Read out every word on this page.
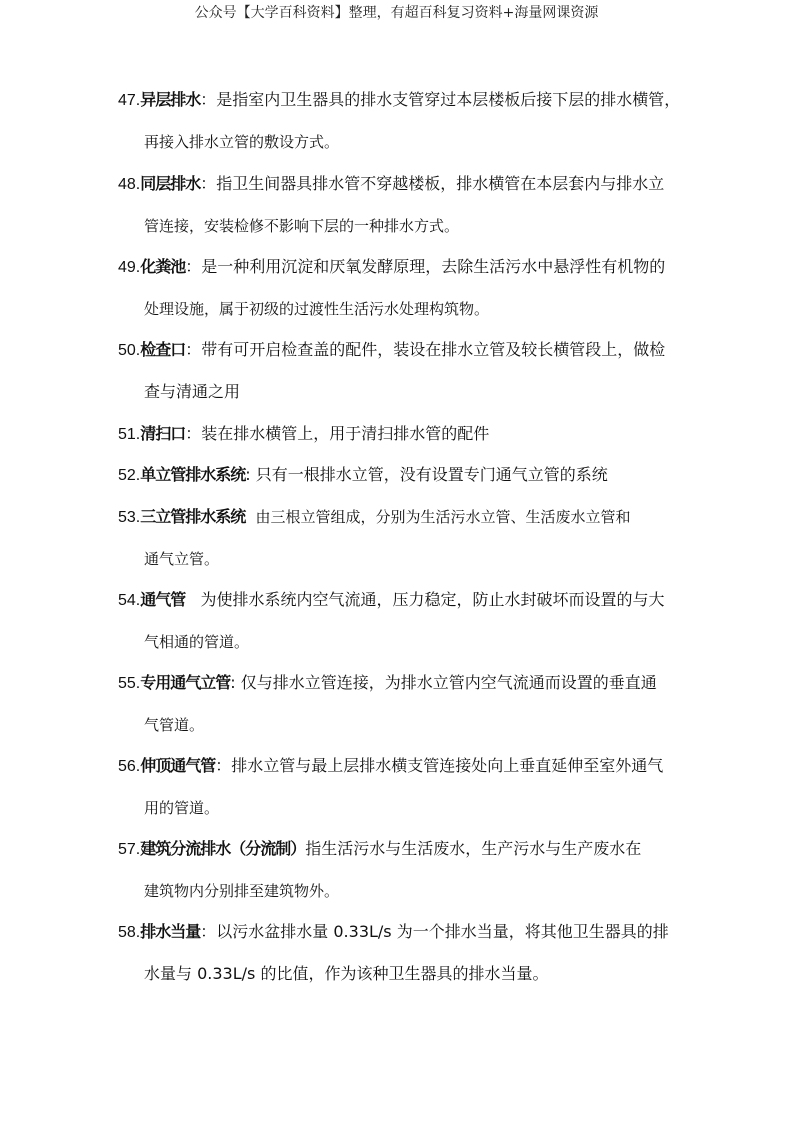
公众号【大学百科资料】整理，有超百科复习资料+海量网课资源
47.异层排水：是指室内卫生器具的排水支管穿过本层楼板后接下层的排水横管，
再接入排水立管的敷设方式。
48.同层排水：指卫生间器具排水管不穿越楼板，排水横管在本层套内与排水立
管连接，安装检修不影响下层的一种排水方式。
49.化粪池：是一种利用沉淀和厌氧发酵原理，去除生活污水中悬浮性有机物的
处理设施，属于初级的过渡性生活污水处理构筑物。
50.检查口：带有可开启检查盖的配件，装设在排水立管及较长横管段上，做检
查与清通之用
51.清扫口：装在排水横管上，用于清扫排水管的配件
52.单立管排水系统: 只有一根排水立管，没有设置专门通气立管的系统
53.三立管排水系统 由三根立管组成，分别为生活污水立管、生活废水立管和
通气立管。
54.通气管 为使排水系统内空气流通，压力稳定，防止水封破坏而设置的与大
气相通的管道。
55.专用通气立管: 仅与排水立管连接，为排水立管内空气流通而设置的垂直通
气管道。
56.伸顶通气管：排水立管与最上层排水横支管连接处向上垂直延伸至室外通气
用的管道。
57.建筑分流排水（分流制）指生活污水与生活废水，生产污水与生产废水在
建筑物内分别排至建筑物外。
58.排水当量：以污水盆排水量 0.33L/s 为一个排水当量，将其他卫生器具的排
水量与 0.33L/s 的比值，作为该种卫生器具的排水当量。
